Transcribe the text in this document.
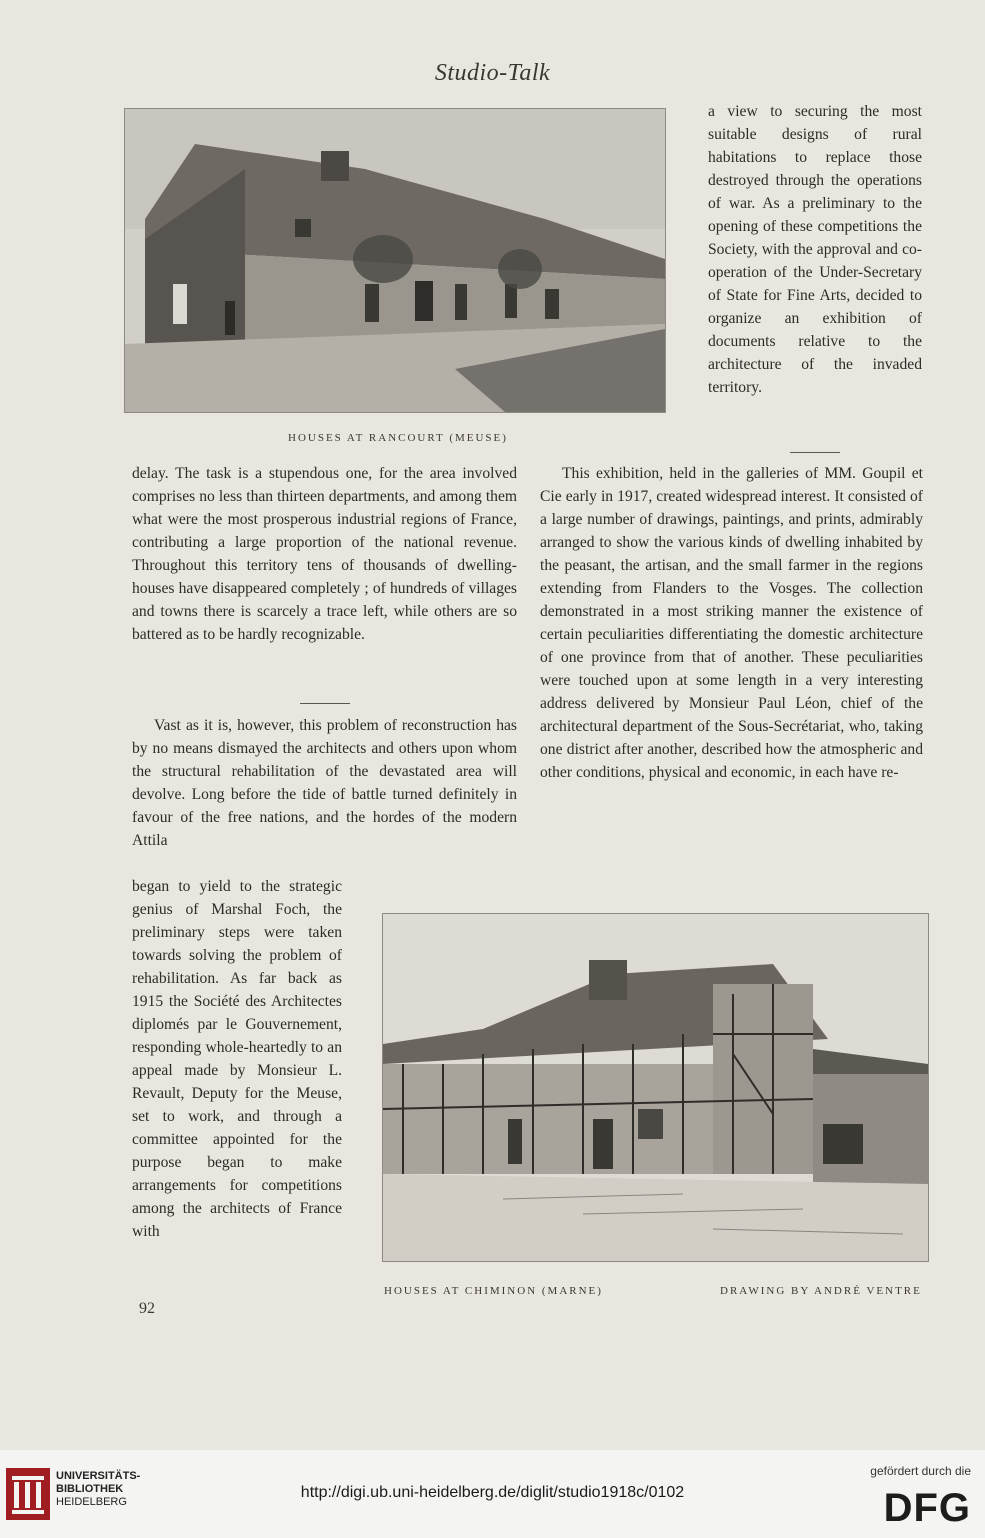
Studio-Talk
HOUSES AT RANCOURT (MEUSE)

a view to securing the most suitable designs of rural habitations to replace those destroyed through the operations of war. As a preliminary to the opening of these competitions the Society, with the approval and co-operation of the Under-Secretary of State for Fine Arts, decided to organize an exhibition of documents relative to the architecture of the invaded territory.

delay. The task is a stupendous one, for the area involved comprises no less than thirteen departments, and among them what were the most prosperous industrial regions of France, contributing a large proportion of the national revenue. Throughout this territory tens of thousands of dwelling-houses have disappeared completely ; of hundreds of villages and towns there is scarcely a trace left, while others are so battered as to be hardly recognizable.

Vast as it is, however, this problem of reconstruction has by no means dismayed the architects and others upon whom the structural rehabilitation of the devastated area will devolve. Long before the tide of battle turned definitely in favour of the free nations, and the hordes of the modern Attila

began to yield to the strategic genius of Marshal Foch, the preliminary steps were taken towards solving the problem of rehabilitation. As far back as 1915 the Société des Architectes diplomés par le Gouvernement, responding whole-heartedly to an appeal made by Monsieur L. Revault, Deputy for the Meuse, set to work, and through a committee appointed for the purpose began to make arrangements for competitions among the architects of France with

This exhibition, held in the galleries of MM. Goupil et Cie early in 1917, created widespread interest. It consisted of a large number of drawings, paintings, and prints, admirably arranged to show the various kinds of dwelling inhabited by the peasant, the artisan, and the small farmer in the regions extending from Flanders to the Vosges. The collection demonstrated in a most striking manner the existence of certain peculiarities differentiating the domestic architecture of one province from that of another. These peculiarities were touched upon at some length in a very interesting address delivered by Monsieur Paul Léon, chief of the architectural department of the Sous-Secrétariat, who, taking one district after another, described how the atmospheric and other conditions, physical and economic, in each have re-

HOUSES AT CHIMINON (MARNE)	DRAWING BY ANDRÉ VENTRE
92
UNIVERSITÄTS-
BIBLIOTHEK
HEIDELBERG
http://digi.ub.uni-heidelberg.de/diglit/studio1918c/0102
gefördert durch die
DFG
